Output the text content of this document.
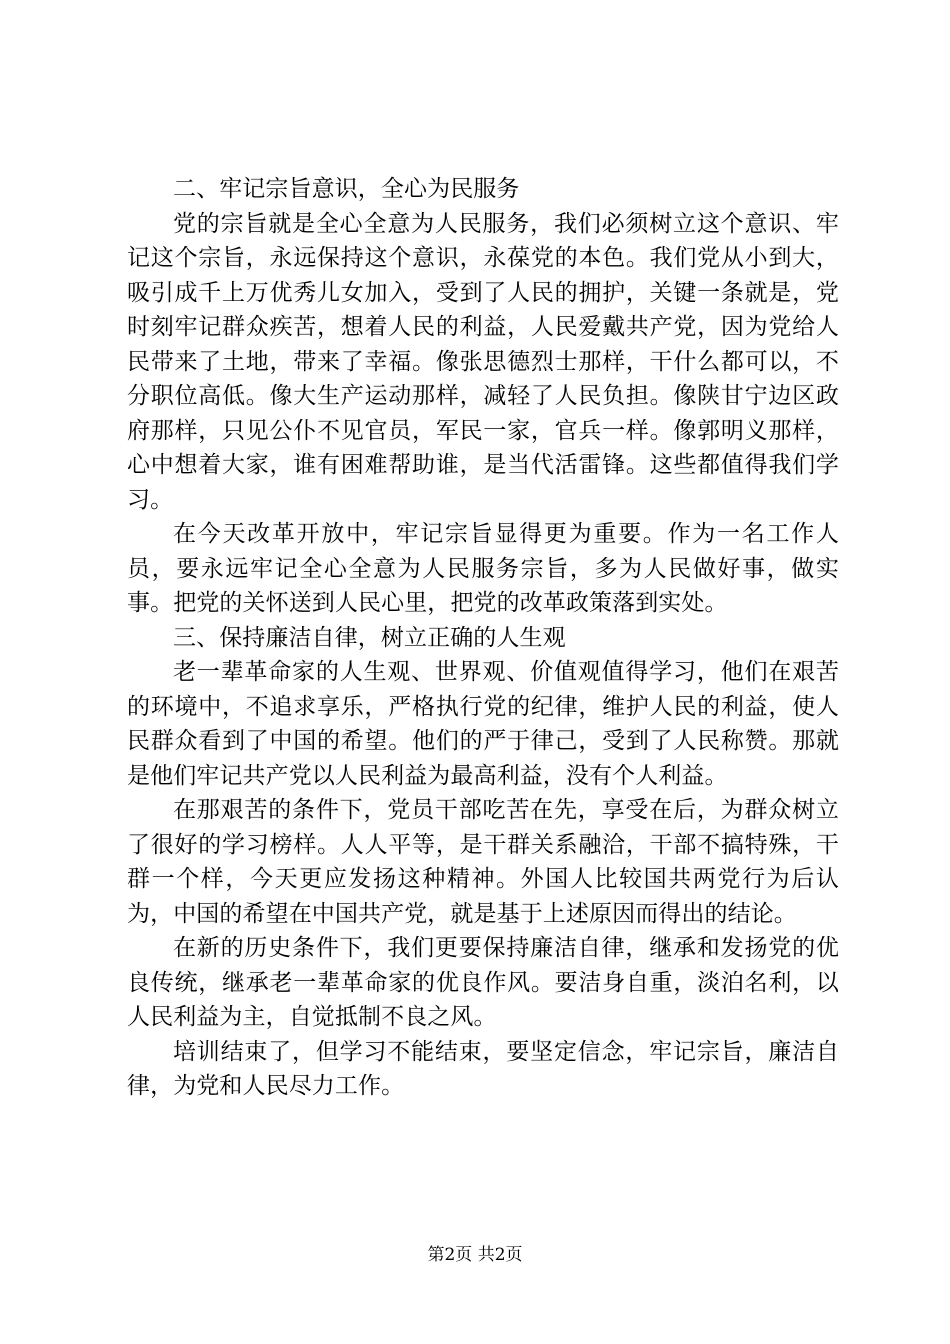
二、牢记宗旨意识，全心为民服务

党的宗旨就是全心全意为人民服务，我们必须树立这个意识、牢记这个宗旨，永远保持这个意识，永葆党的本色。我们党从小到大，吸引成千上万优秀儿女加入，受到了人民的拥护，关键一条就是，党时刻牢记群众疾苦，想着人民的利益，人民爱戴共产党，因为党给人民带来了土地，带来了幸福。像张思德烈士那样，干什么都可以，不分职位高低。像大生产运动那样，减轻了人民负担。像陕甘宁边区政府那样，只见公仆不见官员，军民一家，官兵一样。像郭明义那样，心中想着大家，谁有困难帮助谁，是当代活雷锋。这些都值得我们学习。

在今天改革开放中，牢记宗旨显得更为重要。作为一名工作人员，要永远牢记全心全意为人民服务宗旨，多为人民做好事，做实事。把党的关怀送到人民心里，把党的改革政策落到实处。

三、保持廉洁自律，树立正确的人生观

老一辈革命家的人生观、世界观、价值观值得学习，他们在艰苦的环境中，不追求享乐，严格执行党的纪律，维护人民的利益，使人民群众看到了中国的希望。他们的严于律己，受到了人民称赞。那就是他们牢记共产党以人民利益为最高利益，没有个人利益。

在那艰苦的条件下，党员干部吃苦在先，享受在后，为群众树立了很好的学习榜样。人人平等，是干群关系融洽，干部不搞特殊，干群一个样，今天更应发扬这种精神。外国人比较国共两党行为后认为，中国的希望在中国共产党，就是基于上述原因而得出的结论。

在新的历史条件下，我们更要保持廉洁自律，继承和发扬党的优良传统，继承老一辈革命家的优良作风。要洁身自重，淡泊名利，以人民利益为主，自觉抵制不良之风。

培训结束了，但学习不能结束，要坚定信念，牢记宗旨，廉洁自律，为党和人民尽力工作。

第2页 共2页
